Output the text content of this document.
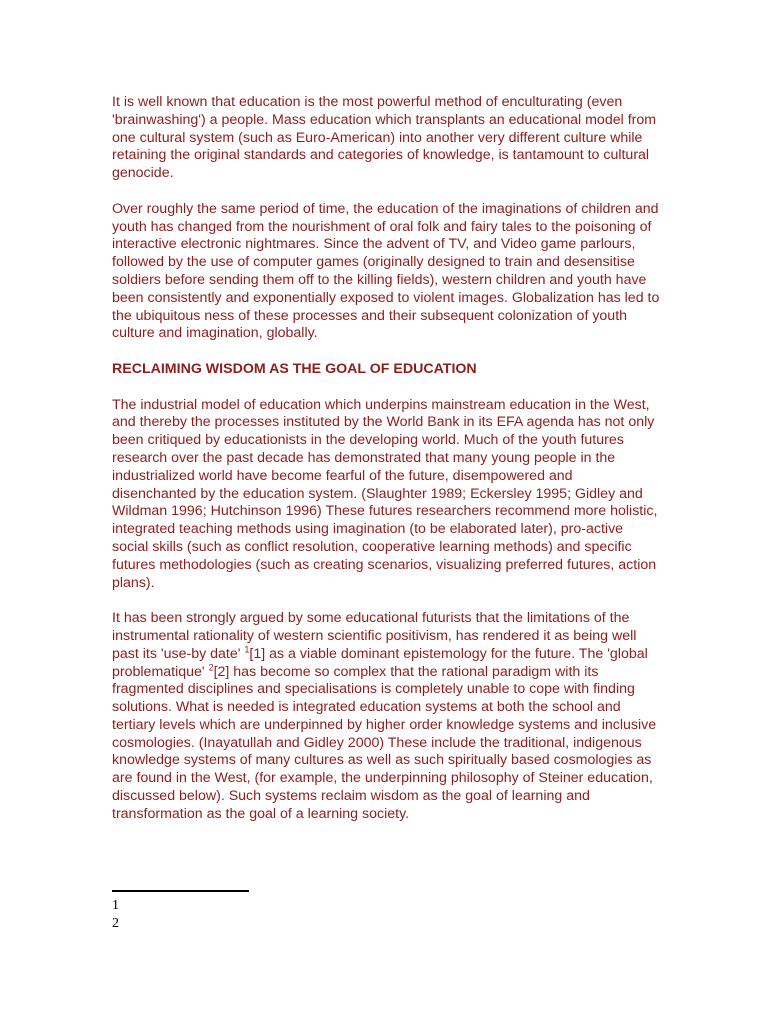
It is well known that education is the most powerful method of enculturating (even 'brainwashing') a people. Mass education which transplants an educational model from one cultural system (such as Euro-American) into another very different culture while retaining the original standards and categories of knowledge, is tantamount to cultural genocide.

Over roughly the same period of time, the education of the imaginations of children and youth has changed from the nourishment of oral folk and fairy tales to the poisoning of interactive electronic nightmares. Since the advent of TV, and Video game parlours, followed by the use of computer games (originally designed to train and desensitise soldiers before sending them off to the killing fields), western children and youth have been consistently and exponentially exposed to violent images. Globalization has led to the ubiquitous ness of these processes and their subsequent colonization of youth culture and imagination, globally.

RECLAIMING WISDOM AS THE GOAL OF EDUCATION

The industrial model of education which underpins mainstream education in the West, and thereby the processes instituted by the World Bank in its EFA agenda has not only been critiqued by educationists in the developing world. Much of the youth futures research over the past decade has demonstrated that many young people in the industrialized world have become fearful of the future, disempowered and disenchanted by the education system. (Slaughter 1989; Eckersley 1995; Gidley and Wildman 1996; Hutchinson 1996) These futures researchers recommend more holistic, integrated teaching methods using imagination (to be elaborated later), pro-active social skills (such as conflict resolution, cooperative learning methods) and specific futures methodologies (such as creating scenarios, visualizing preferred futures, action plans).

It has been strongly argued by some educational futurists that the limitations of the instrumental rationality of western scientific positivism, has rendered it as being well past its 'use-by date' $^1$[1] as a viable dominant epistemology for the future. The 'global problematique' $^2$[2] has become so complex that the rational paradigm with its fragmented disciplines and specialisations is completely unable to cope with finding solutions. What is needed is integrated education systems at both the school and tertiary levels which are underpinned by higher order knowledge systems and inclusive cosmologies. (Inayatullah and Gidley 2000) These include the traditional, indigenous knowledge systems of many cultures as well as such spiritually based cosmologies as are found in the West, (for example, the underpinning philosophy of Steiner education, discussed below). Such systems reclaim wisdom as the goal of learning and transformation as the goal of a learning society.

1
2
